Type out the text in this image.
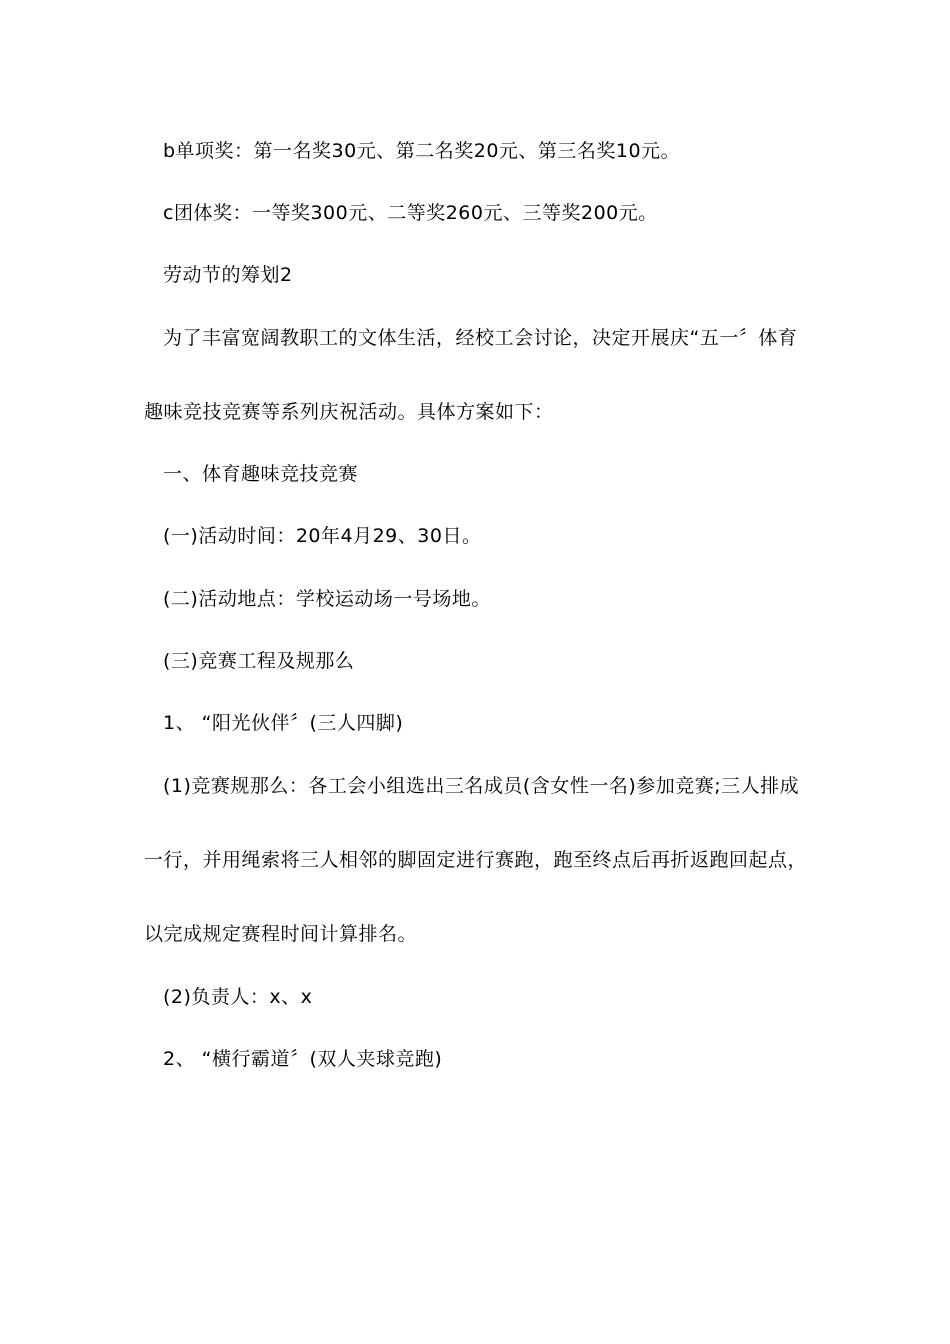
b单项奖：第一名奖30元、第二名奖20元、第三名奖10元。
c团体奖：一等奖300元、二等奖260元、三等奖200元。
劳动节的筹划2
为了丰富宽阔教职工的文体生活，经校工会讨论，决定开展庆“五一〞体育
趣味竞技竞赛等系列庆祝活动。具体方案如下：
一、体育趣味竞技竞赛
(一)活动时间：20年4月29、30日。
(二)活动地点：学校运动场一号场地。
(三)竞赛工程及规那么
1、 “阳光伙伴〞(三人四脚)
(1)竞赛规那么：各工会小组选出三名成员(含女性一名)参加竞赛;三人排成
一行，并用绳索将三人相邻的脚固定进行赛跑，跑至终点后再折返跑回起点，
以完成规定赛程时间计算排名。
(2)负责人：x、x
2、 “横行霸道〞(双人夹球竞跑)
